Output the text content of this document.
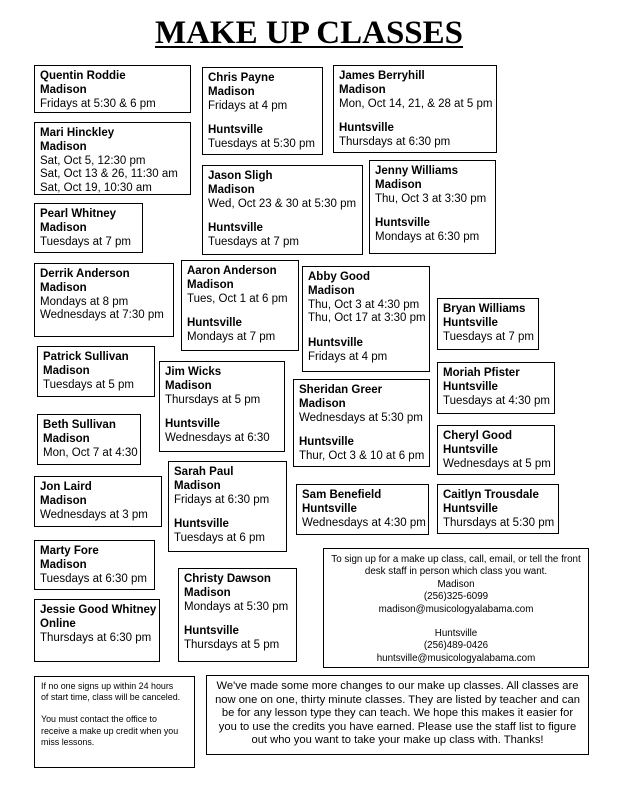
MAKE UP CLASSES
Quentin Roddie
Madison
Fridays at 5:30 & 6 pm
Chris Payne
Madison
Fridays at 4 pm
Huntsville
Tuesdays at 5:30 pm
James Berryhill
Madison
Mon, Oct 14, 21, & 28 at 5 pm
Huntsville
Thursdays at 6:30 pm
Mari Hinckley
Madison
Sat, Oct 5, 12:30 pm
Sat, Oct 13 & 26, 11:30 am
Sat, Oct 19, 10:30 am
Jenny Williams
Madison
Thu, Oct 3 at 3:30 pm
Huntsville
Mondays at 6:30 pm
Jason Sligh
Madison
Wed, Oct 23 & 30 at 5:30 pm
Huntsville
Tuesdays at 7 pm
Pearl Whitney
Madison
Tuesdays at 7 pm
Derrik Anderson
Madison
Mondays at 8 pm
Wednesdays at 7:30 pm
Aaron Anderson
Madison
Tues, Oct 1 at 6 pm
Huntsville
Mondays at 7 pm
Abby Good
Madison
Thu, Oct 3 at 4:30 pm
Thu, Oct 17 at 3:30 pm
Huntsville
Fridays at 4 pm
Bryan Williams
Huntsville
Tuesdays at 7 pm
Patrick Sullivan
Madison
Tuesdays at 5 pm
Jim Wicks
Madison
Thursdays at 5 pm
Huntsville
Wednesdays at 6:30
Sheridan Greer
Madison
Wednesdays at 5:30 pm
Huntsville
Thur, Oct 3 & 10 at 6 pm
Moriah Pfister
Huntsville
Tuesdays at 4:30 pm
Beth Sullivan
Madison
Mon, Oct 7 at 4:30
Cheryl Good
Huntsville
Wednesdays at 5 pm
Sarah Paul
Madison
Fridays at 6:30 pm
Huntsville
Tuesdays at 6 pm
Jon Laird
Madison
Wednesdays at 3 pm
Sam Benefield
Huntsville
Wednesdays at 4:30 pm
Caitlyn Trousdale
Huntsville
Thursdays at 5:30 pm
Marty Fore
Madison
Tuesdays at 6:30 pm	Christy Dawson
Madison
Mondays at 5:30 pm
Huntsville
Thursdays at 5 pm
Jessie Good Whitney
Online
Thursdays at 6:30 pm
To sign up for a make up class, call, email, or tell the front
desk staff in person which class you want.
Madison
(256)325-6099
madison@musicologyalabama.com
Huntsville
(256)489-0426
huntsville@musicologyalabama.com
If no one signs up within 24 hours
of start time, class will be canceled.
You must contact the office to
receive a make up credit when you
miss lessons.
We've made some more changes to our make up classes. All classes are
now one on one, thirty minute classes. They are listed by teacher and can
be for any lesson type they can teach. We hope this makes it easier for
you to use the credits you have earned. Please use the staff list to figure
out who you want to take your make up class with. Thanks!
